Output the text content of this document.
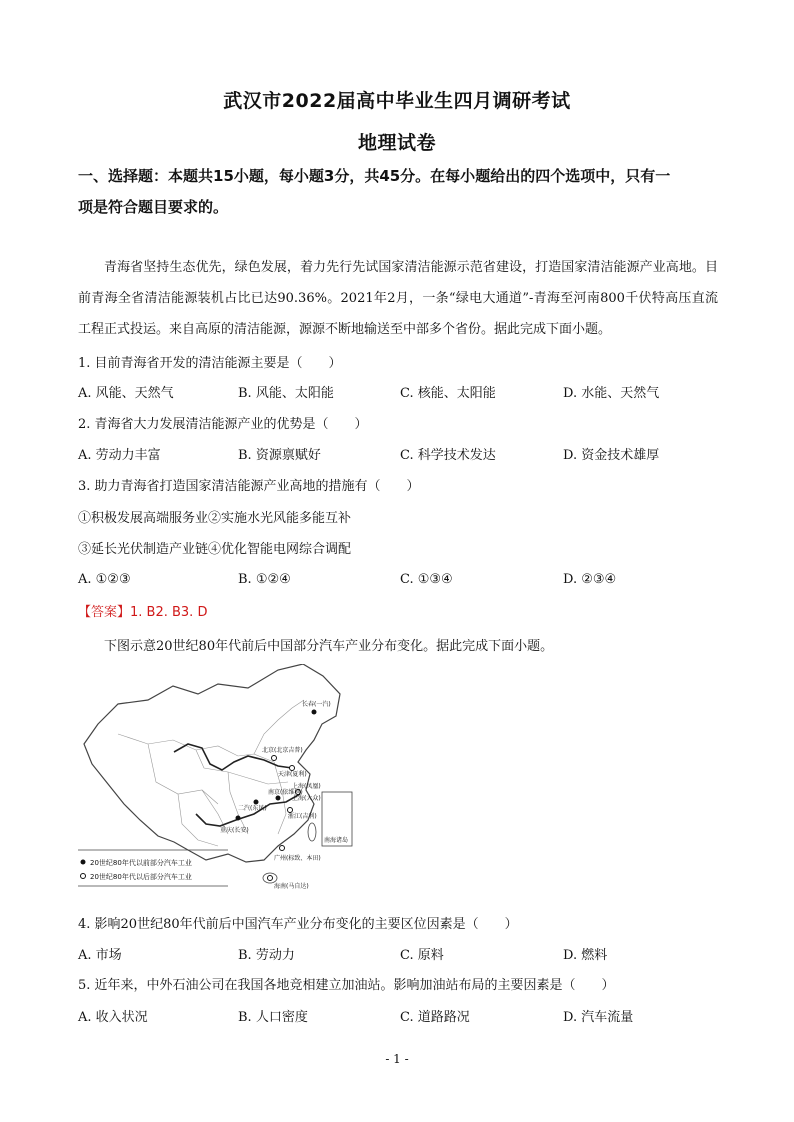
武汉市2022届高中毕业生四月调研考试
地理试卷
一、选择题：本题共15小题，每小题3分，共45分。在每小题给出的四个选项中，只有一
项是符合题目要求的。
青海省坚持生态优先，绿色发展，着力先行先试国家清洁能源示范省建设，打造国家清洁能源产业高地。目前青海全省清洁能源装机占比已达90.36%。2021年2月，一条“绿电大通道”-青海至河南800千伏特高压直流工程正式投运。来自高原的清洁能源，源源不断地输送至中部多个省份。据此完成下面小题。
1. 目前青海省开发的清洁能源主要是（　　）
A. 风能、天然气	B. 风能、太阳能	C. 核能、太阳能	D. 水能、天然气
2. 青海省大力发展清洁能源产业的优势是（　　）
A. 劳动力丰富	B. 资源禀赋好	C. 科学技术发达	D. 资金技术雄厚
3. 助力青海省打造国家清洁能源产业高地的措施有（　　）
①积极发展高端服务业②实施水光风能多能互补
③延长光伏制造产业链④优化智能电网综合调配
A. ①②③	B. ①②④	C. ①③④	D. ②③④
【答案】1. B2. B3. D
下图示意20世纪80年代前后中国部分汽车产业分布变化。据此完成下面小题。
南海诸岛
长春(一汽)
北京(北京吉普)
天津(夏利)
南京(依维柯)
二汽(东风)
上海(凤凰)
上海(大众)
浙江(吉利)
重庆(长安)
广州(标致、本田)
海南(马自达)
20世纪80年代以前部分汽车工业
20世纪80年代以后部分汽车工业
4. 影响20世纪80年代前后中国汽车产业分布变化的主要区位因素是（　　）
A. 市场	B. 劳动力	C. 原料	D. 燃料
5. 近年来，中外石油公司在我国各地竞相建立加油站。影响加油站布局的主要因素是（　　）
A. 收入状况	B. 人口密度	C. 道路路况	D. 汽车流量
- 1 -
